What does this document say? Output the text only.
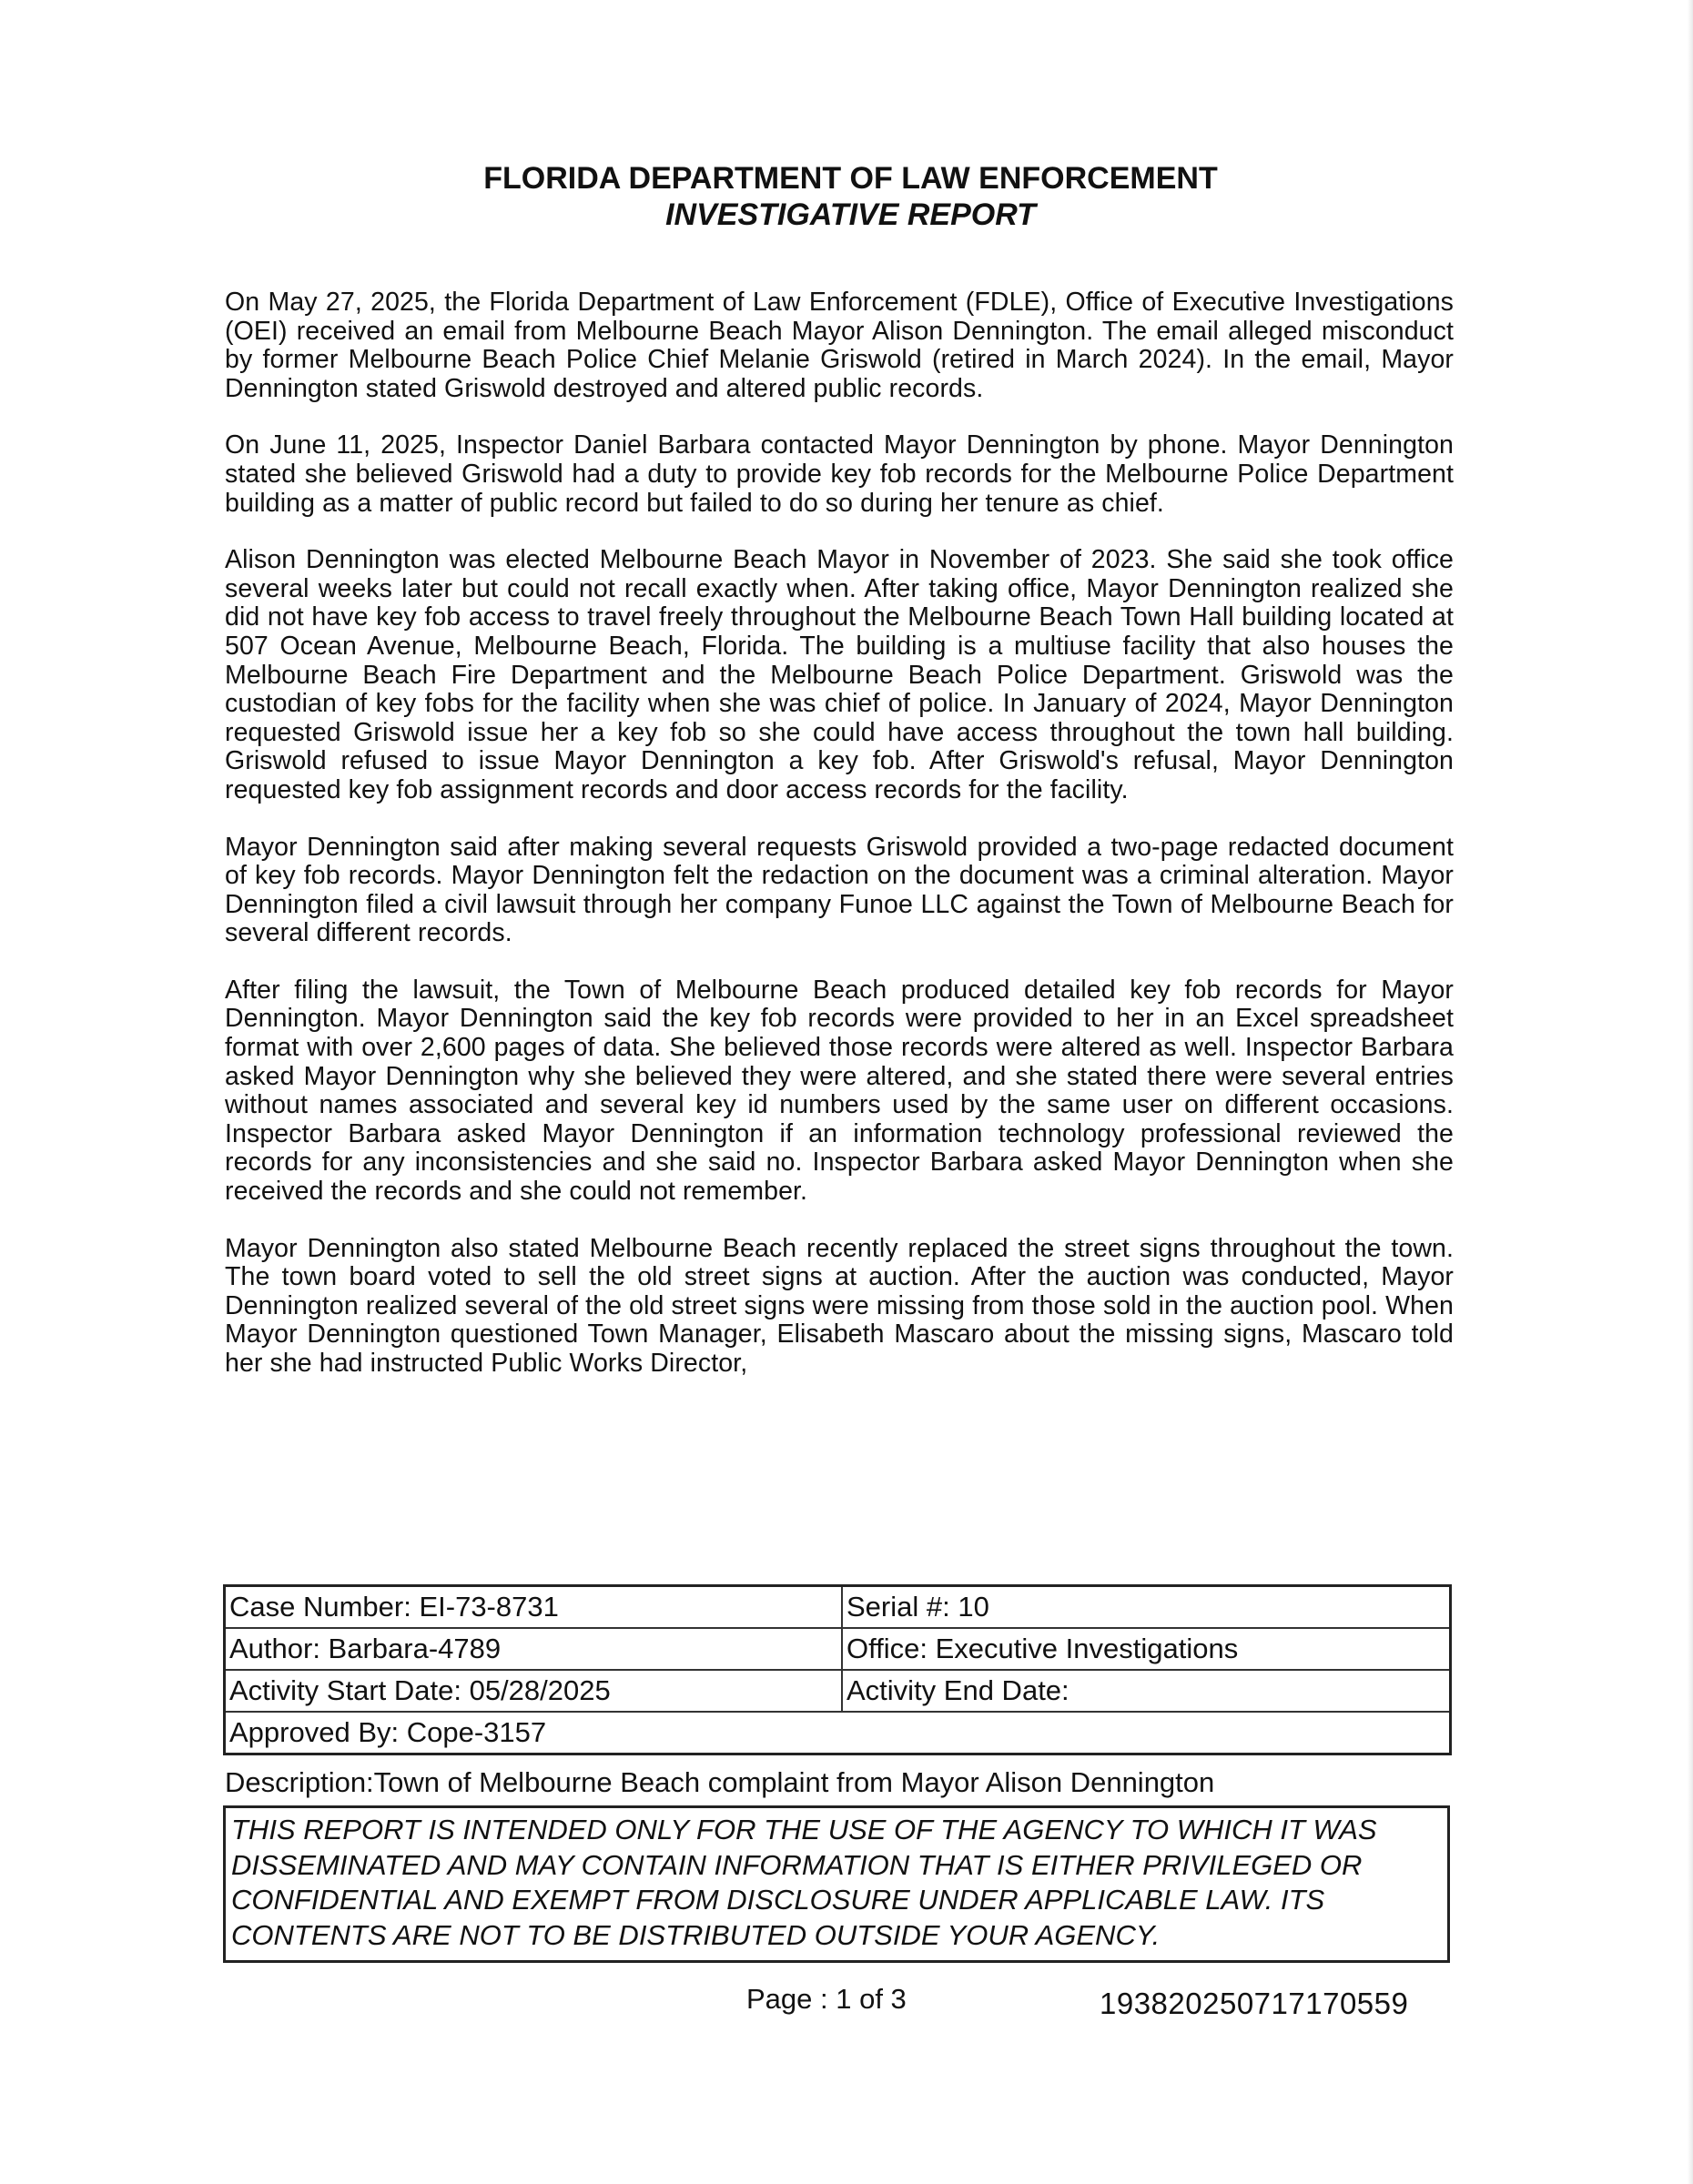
FLORIDA DEPARTMENT OF LAW ENFORCEMENT
INVESTIGATIVE REPORT

On May 27, 2025, the Florida Department of Law Enforcement (FDLE), Office of Executive Investigations (OEI) received an email from Melbourne Beach Mayor Alison Dennington. The email alleged misconduct by former Melbourne Beach Police Chief Melanie Griswold (retired in March 2024). In the email, Mayor Dennington stated Griswold destroyed and altered public records.

On June 11, 2025, Inspector Daniel Barbara contacted Mayor Dennington by phone. Mayor Dennington stated she believed Griswold had a duty to provide key fob records for the Melbourne Police Department building as a matter of public record but failed to do so during her tenure as chief.

Alison Dennington was elected Melbourne Beach Mayor in November of 2023. She said she took office several weeks later but could not recall exactly when. After taking office, Mayor Dennington realized she did not have key fob access to travel freely throughout the Melbourne Beach Town Hall building located at 507 Ocean Avenue, Melbourne Beach, Florida. The building is a multiuse facility that also houses the Melbourne Beach Fire Department and the Melbourne Beach Police Department. Griswold was the custodian of key fobs for the facility when she was chief of police. In January of 2024, Mayor Dennington requested Griswold issue her a key fob so she could have access throughout the town hall building. Griswold refused to issue Mayor Dennington a key fob. After Griswold's refusal, Mayor Dennington requested key fob assignment records and door access records for the facility.

Mayor Dennington said after making several requests Griswold provided a two-page redacted document of key fob records. Mayor Dennington felt the redaction on the document was a criminal alteration. Mayor Dennington filed a civil lawsuit through her company Funoe LLC against the Town of Melbourne Beach for several different records.

After filing the lawsuit, the Town of Melbourne Beach produced detailed key fob records for Mayor Dennington. Mayor Dennington said the key fob records were provided to her in an Excel spreadsheet format with over 2,600 pages of data. She believed those records were altered as well. Inspector Barbara asked Mayor Dennington why she believed they were altered, and she stated there were several entries without names associated and several key id numbers used by the same user on different occasions. Inspector Barbara asked Mayor Dennington if an information technology professional reviewed the records for any inconsistencies and she said no. Inspector Barbara asked Mayor Dennington when she received the records and she could not remember.

Mayor Dennington also stated Melbourne Beach recently replaced the street signs throughout the town. The town board voted to sell the old street signs at auction. After the auction was conducted, Mayor Dennington realized several of the old street signs were missing from those sold in the auction pool. When Mayor Dennington questioned Town Manager, Elisabeth Mascaro about the missing signs, Mascaro told her she had instructed Public Works Director,

Case Number: EI-73-8731	Serial #: 10
Author: Barbara-4789	Office: Executive Investigations
Activity Start Date: 05/28/2025	Activity End Date:
Approved By: Cope-3157	
Description:Town of Melbourne Beach complaint from Mayor Alison Dennington
THIS REPORT IS INTENDED ONLY FOR THE USE OF THE AGENCY TO WHICH IT WAS DISSEMINATED AND MAY CONTAIN INFORMATION THAT IS EITHER PRIVILEGED OR CONFIDENTIAL AND EXEMPT FROM DISCLOSURE UNDER APPLICABLE LAW. ITS CONTENTS ARE NOT TO BE DISTRIBUTED OUTSIDE YOUR AGENCY.
Page : 1 of 3	193820250717170559
